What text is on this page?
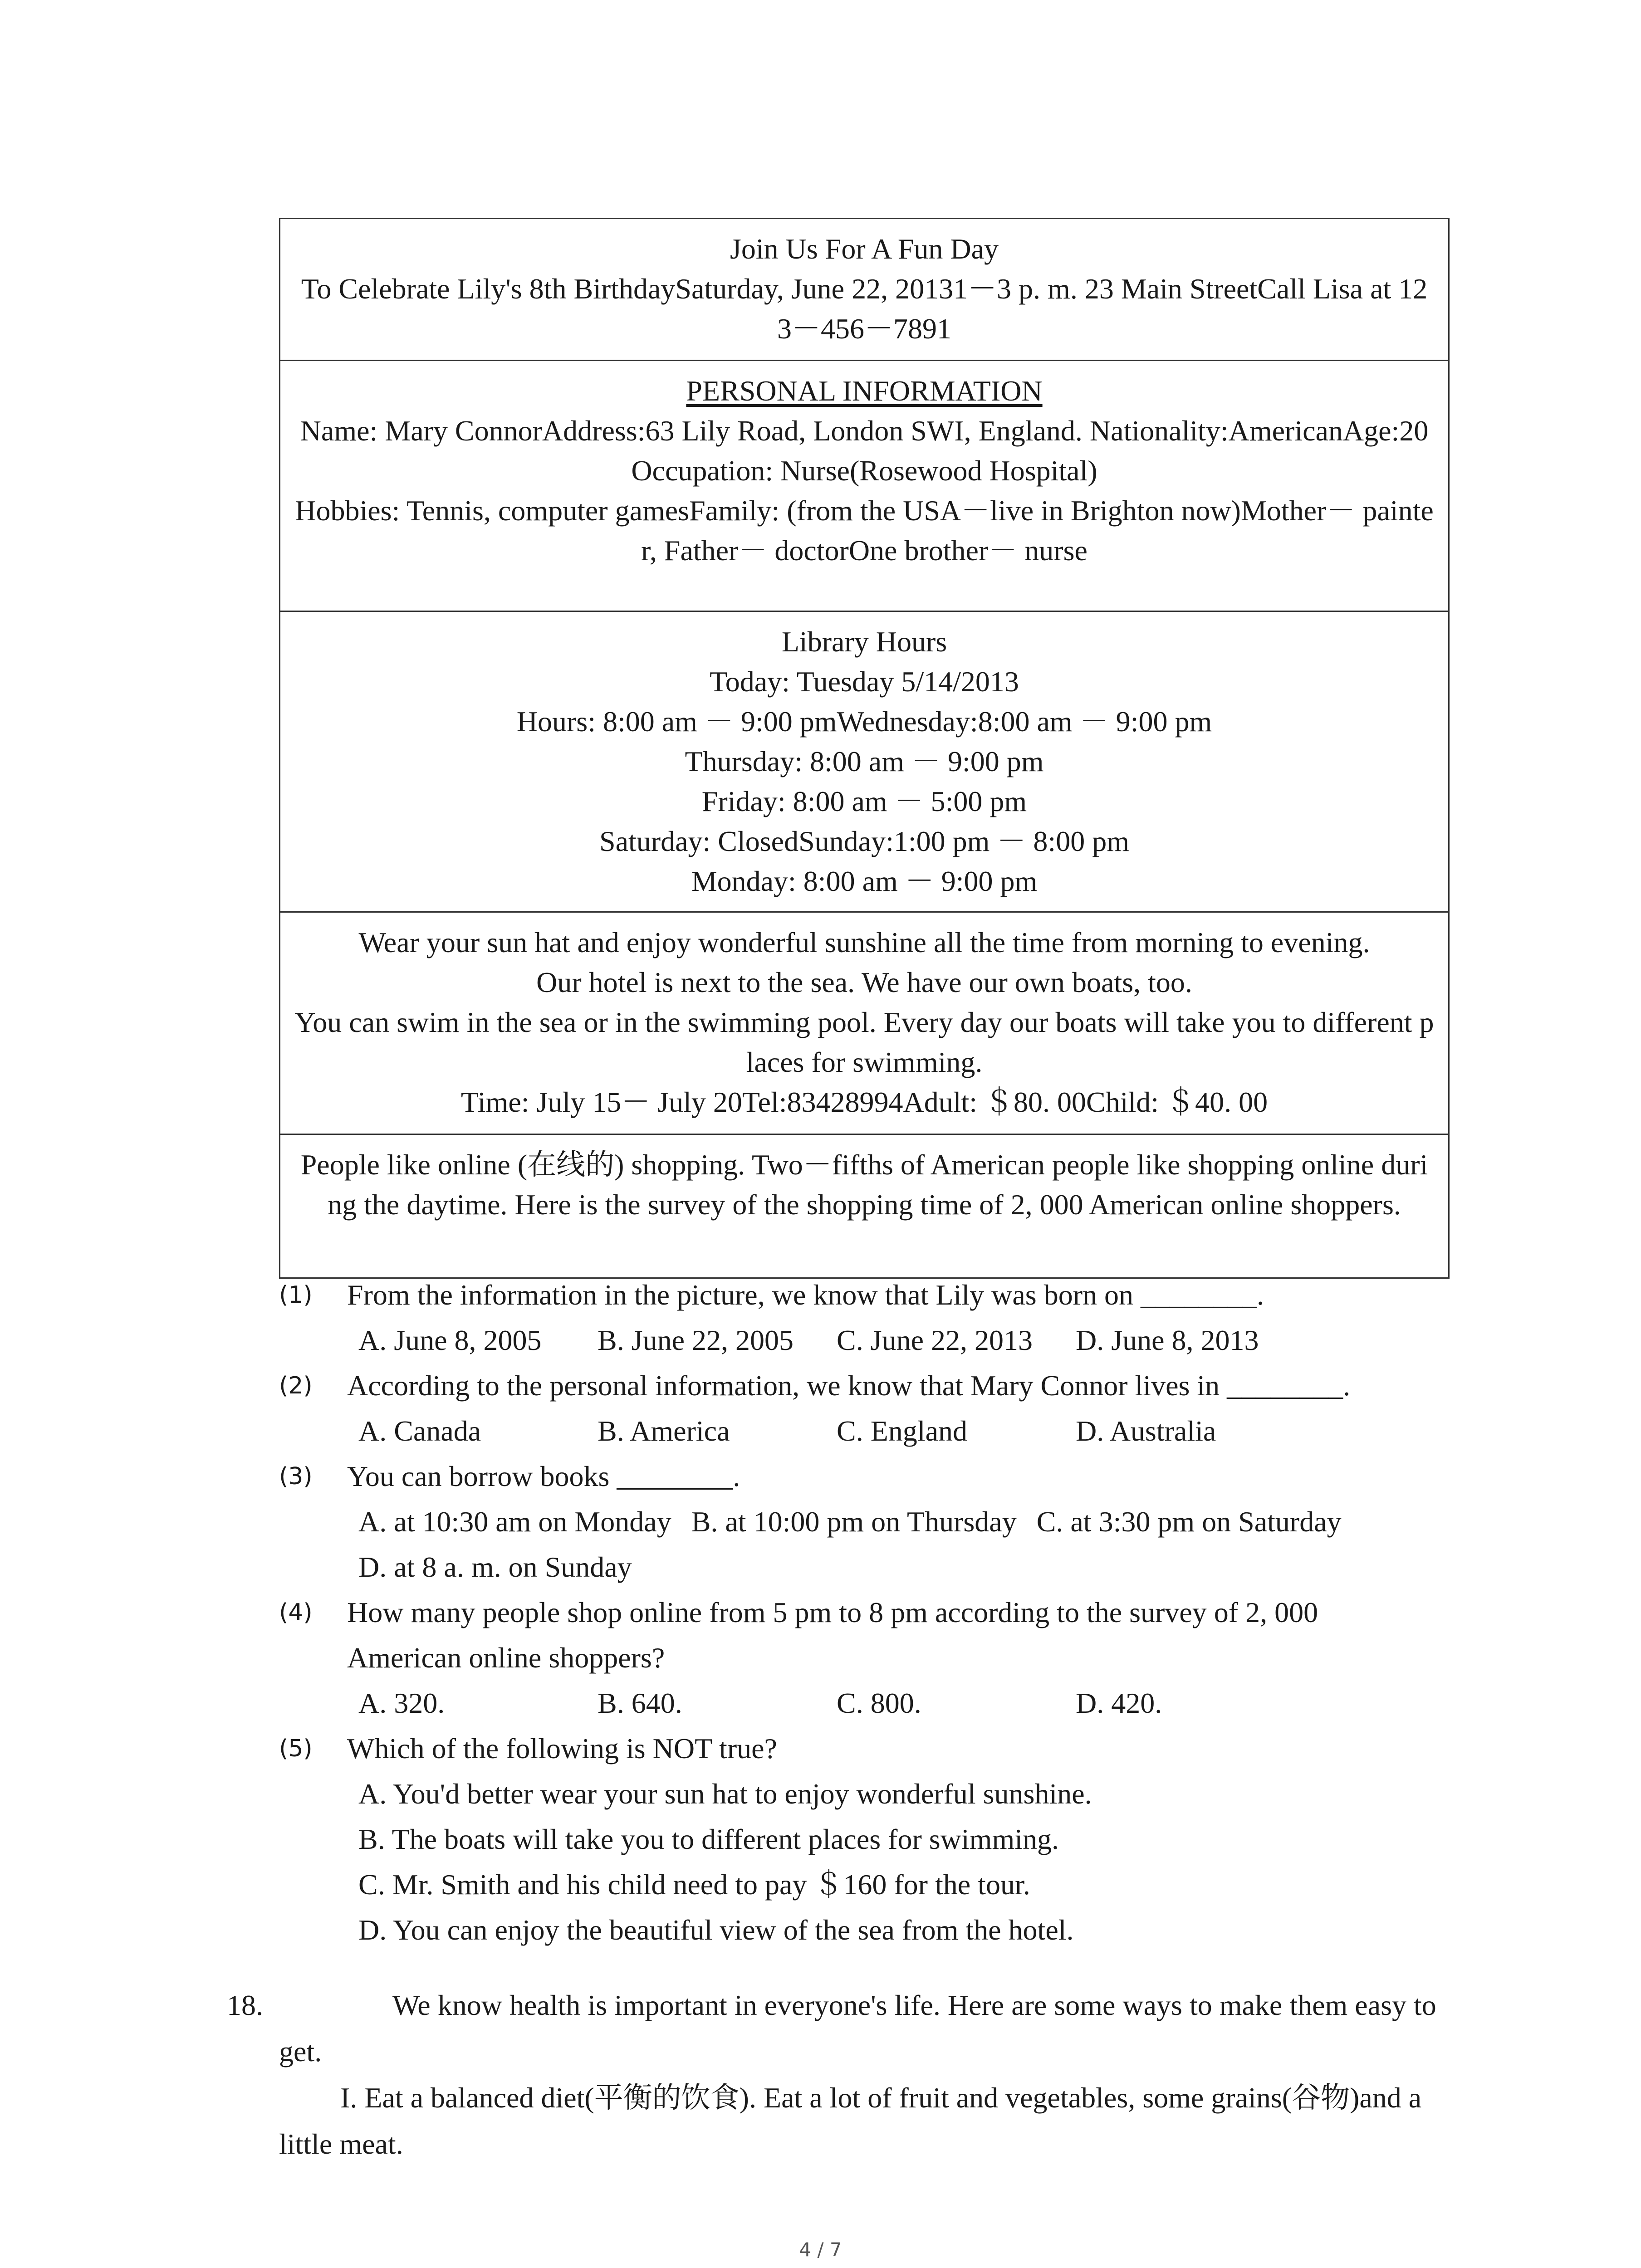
Join Us For A Fun Day
To Celebrate Lily's 8th BirthdaySaturday, June 22, 20131－3 p. m. 23 Main StreetCall Lisa at 123－456－7891
PERSONAL INFORMATION
Name: Mary ConnorAddress:63 Lily Road, London SWI, England. Nationality:AmericanAge:20
Occupation: Nurse(Rosewood Hospital)
Hobbies: Tennis, computer gamesFamily: (from the USA－live in Brighton now)Mother－ painter, Father－ doctorOne brother－ nurse
Library Hours
Today: Tuesday 5/14/2013
Hours: 8:00 am － 9:00 pmWednesday:8:00 am － 9:00 pm
Thursday: 8:00 am － 9:00 pm
Friday: 8:00 am － 5:00 pm
Saturday: ClosedSunday:1:00 pm － 8:00 pm
Monday: 8:00 am － 9:00 pm
Wear your sun hat and enjoy wonderful sunshine all the time from morning to evening.
Our hotel is next to the sea. We have our own boats, too.
You can swim in the sea or in the swimming pool. Every day our boats will take you to different places for swimming.
Time: July 15－ July 20Tel:83428994Adult: ＄80. 00Child: ＄40. 00
People like online (在线的) shopping. Two－fifths of American people like shopping online during the daytime. Here is the survey of the shopping time of 2, 000 American online shoppers.
(1)	From the information in the picture, we know that Lily was born on ________.
A. June 8, 2005	B. June 22, 2005	C. June 22, 2013	D. June 8, 2013
(2)	According to the personal information, we know that Mary Connor lives in ________.
A. Canada	B. America	C. England	D. Australia
(3)	You can borrow books ________.
A. at 10:30 am on Monday B. at 10:00 pm on Thursday C. at 3:30 pm on Saturday
D. at 8 a. m. on Sunday
(4)	How many people shop online from 5 pm to 8 pm according to the survey of 2, 000 American online shoppers?
A. 320.	B. 640.	C. 800.	D. 420.
(5)	Which of the following is NOT true?
A. You'd better wear your sun hat to enjoy wonderful sunshine.
B. The boats will take you to different places for swimming.
C. Mr. Smith and his child need to pay ＄160 for the tour.
D. You can enjoy the beautiful view of the sea from the hotel.
18.	We know health is important in everyone's life. Here are some ways to make them easy to get.

I. Eat a balanced diet(平衡的饮食). Eat a lot of fruit and vegetables, some grains(谷物)and a little meat.

4 / 7
